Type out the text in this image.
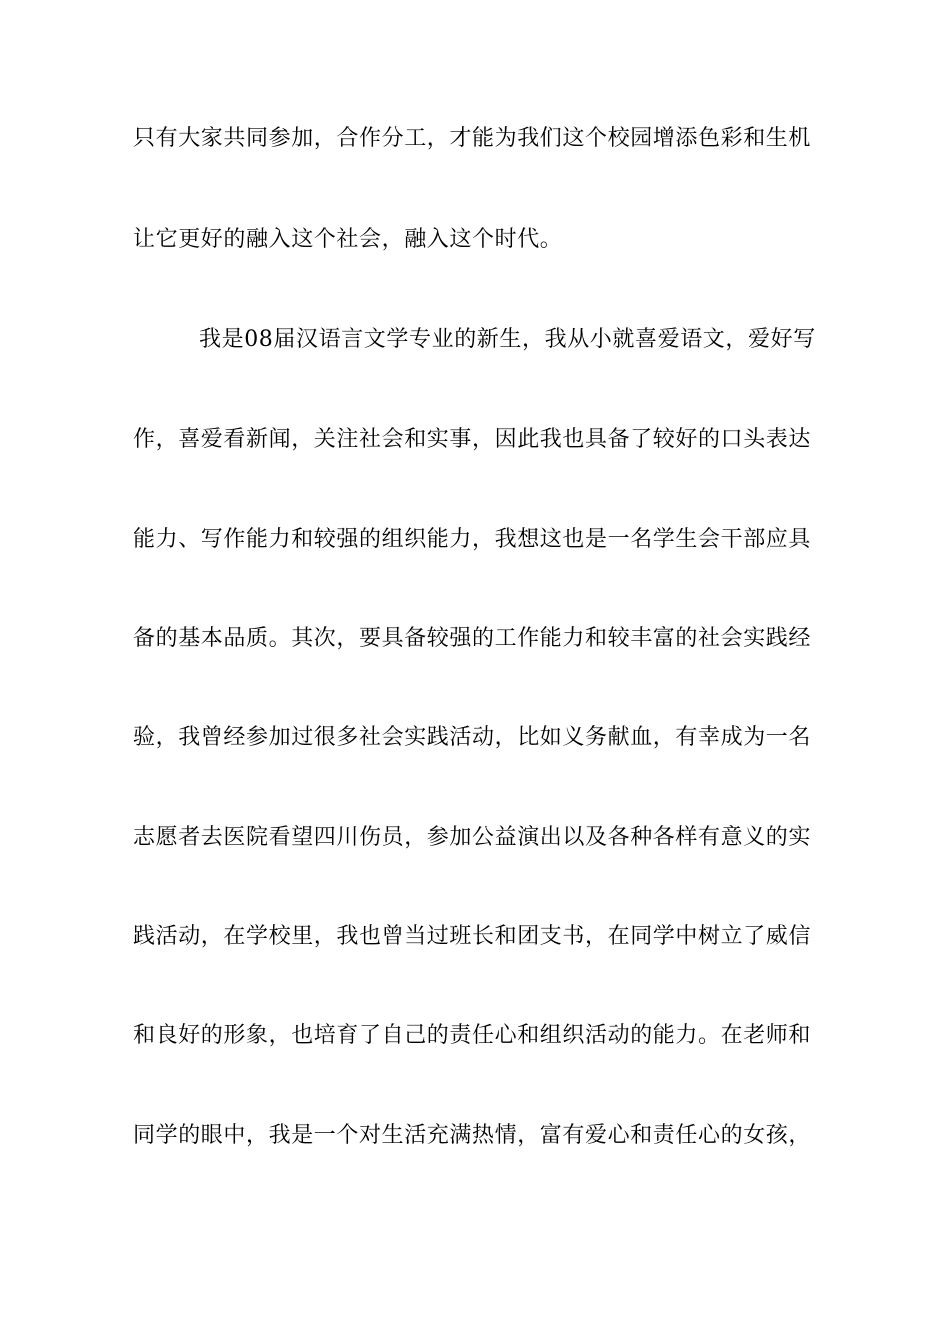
只有大家共同参加，合作分工，才能为我们这个校园增添色彩和生机
让它更好的融入这个社会，融入这个时代。
我是08届汉语言文学专业的新生，我从小就喜爱语文，爱好写
作，喜爱看新闻，关注社会和实事，因此我也具备了较好的口头表达
能力、写作能力和较强的组织能力，我想这也是一名学生会干部应具
备的基本品质。其次，要具备较强的工作能力和较丰富的社会实践经
验，我曾经参加过很多社会实践活动，比如义务献血，有幸成为一名
志愿者去医院看望四川伤员，参加公益演出以及各种各样有意义的实
践活动，在学校里，我也曾当过班长和团支书，在同学中树立了威信
和良好的形象，也培育了自己的责任心和组织活动的能力。在老师和
同学的眼中，我是一个对生活充满热情，富有爱心和责任心的女孩，
